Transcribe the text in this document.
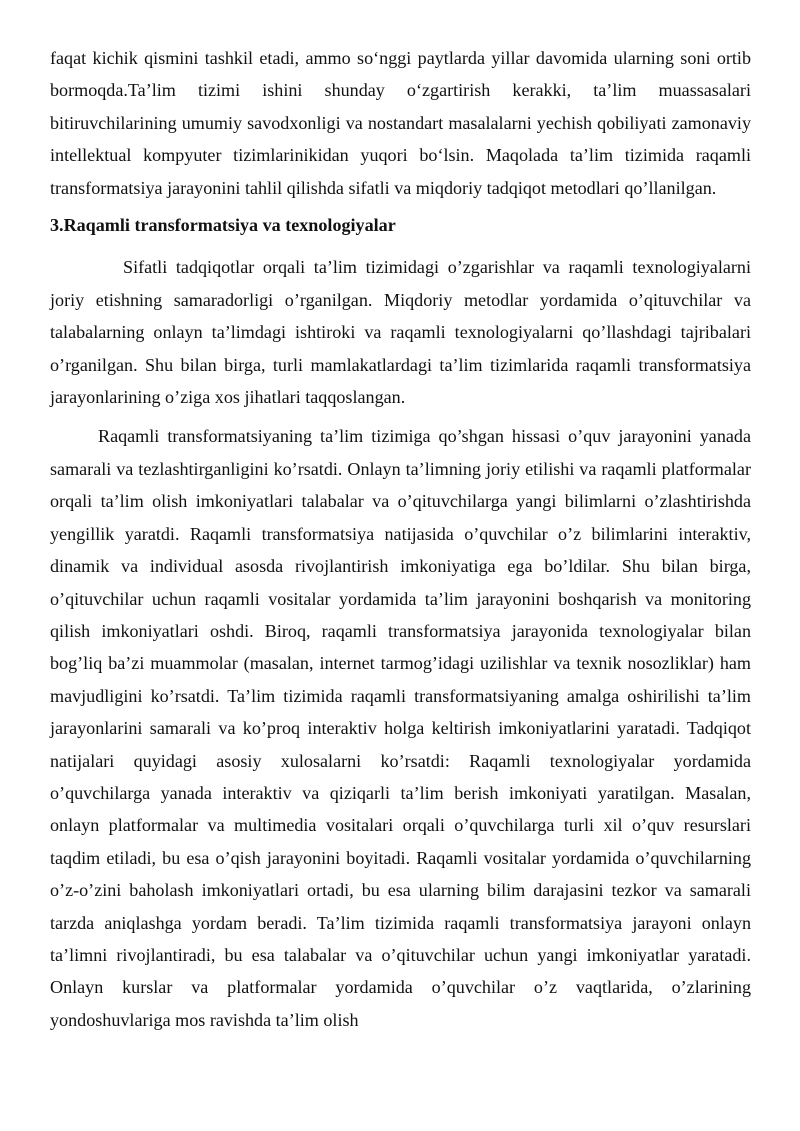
faqat kichik qismini tashkil etadi, ammo so‘nggi paytlarda yillar davomida ularning soni ortib bormoqda.Ta’lim tizimi ishini shunday o‘zgartirish kerakki, ta’lim muassasalari bitiruvchilarining umumiy savodxonligi va nostandart masalalarni yechish qobiliyati zamonaviy intellektual kompyuter tizimlarinikidan yuqori bo‘lsin. Maqolada ta’lim tizimida raqamli transformatsiya jarayonini tahlil qilishda sifatli va miqdoriy tadqiqot metodlari qo’llanilgan.

3.Raqamli transformatsiya va texnologiyalar

Sifatli tadqiqotlar orqali ta’lim tizimidagi o’zgarishlar va raqamli texnologiyalarni joriy etishning samaradorligi o’rganilgan. Miqdoriy metodlar yordamida o’qituvchilar va talabalarning onlayn ta’limdagi ishtiroki va raqamli texnologiyalarni qo’llashdagi tajribalari o’rganilgan. Shu bilan birga, turli mamlakatlardagi ta’lim tizimlarida raqamli transformatsiya jarayonlarining o’ziga xos jihatlari taqqoslangan.

Raqamli transformatsiyaning ta’lim tizimiga qo’shgan hissasi o’quv jarayonini yanada samarali va tezlashtirganligini ko’rsatdi. Onlayn ta’limning joriy etilishi va raqamli platformalar orqali ta’lim olish imkoniyatlari talabalar va o’qituvchilarga yangi bilimlarni o’zlashtirishda yengillik yaratdi. Raqamli transformatsiya natijasida o’quvchilar o’z bilimlarini interaktiv, dinamik va individual asosda rivojlantirish imkoniyatiga ega bo’ldilar. Shu bilan birga, o’qituvchilar uchun raqamli vositalar yordamida ta’lim jarayonini boshqarish va monitoring qilish imkoniyatlari oshdi. Biroq, raqamli transformatsiya jarayonida texnologiyalar bilan bog’liq ba’zi muammolar (masalan, internet tarmog’idagi uzilishlar va texnik nosozliklar) ham mavjudligini ko’rsatdi. Ta’lim tizimida raqamli transformatsiyaning amalga oshirilishi ta’lim jarayonlarini samarali va ko’proq interaktiv holga keltirish imkoniyatlarini yaratadi. Tadqiqot natijalari quyidagi asosiy xulosalarni ko’rsatdi: Raqamli texnologiyalar yordamida o’quvchilarga yanada interaktiv va qiziqarli ta’lim berish imkoniyati yaratilgan. Masalan, onlayn platformalar va multimedia vositalari orqali o’quvchilarga turli xil o’quv resurslari taqdim etiladi, bu esa o’qish jarayonini boyitadi. Raqamli vositalar yordamida o’quvchilarning o’z-o’zini baholash imkoniyatlari ortadi, bu esa ularning bilim darajasini tezkor va samarali tarzda aniqlashga yordam beradi. Ta’lim tizimida raqamli transformatsiya jarayoni onlayn ta’limni rivojlantiradi, bu esa talabalar va o’qituvchilar uchun yangi imkoniyatlar yaratadi. Onlayn kurslar va platformalar yordamida o’quvchilar o’z vaqtlarida, o’zlarining yondoshuvlariga mos ravishda ta’lim olish
